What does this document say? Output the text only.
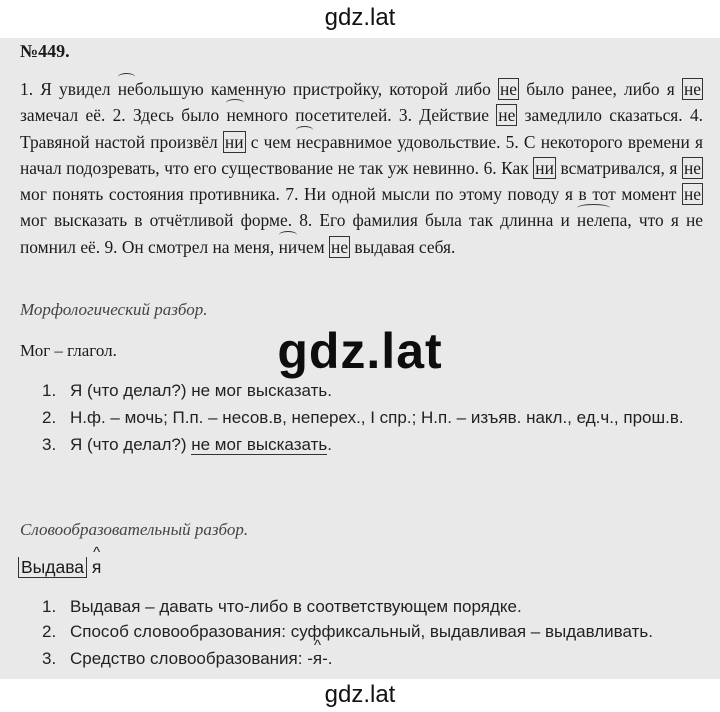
gdz.lat
№449.
1. Я увидел небольшую каменную пристройку, которой либо не было ранее, либо я не замечал её. 2. Здесь было немного посетителей. 3. Действие не замедлило сказаться. 4. Травяной настой произвёл ни с чем несравнимое удовольствие. 5. С некоторого времени я начал подозревать, что его существование не так уж невинно. 6. Как ни всматривался, я не мог понять состояния противника. 7. Ни одной мысли по этому поводу я в тот момент не мог высказать в отчётливой форме. 8. Его фамилия была так длинна и нелепа, что я не помнил её. 9. Он смотрел на меня, ничем не выдавая себя.
Морфологический разбор.
Мог – глагол.
1. Я (что делал?) не мог высказать.
2. Н.ф. – мочь; П.п. – несов.в, неперех., I спр.; Н.п. – изъяв. накл., ед.ч., прош.в.
3. Я (что делал?) не мог высказать.
Словообразовательный разбор.
Выдава ^ я
1. Выдавая – давать что-либо в соответствующем порядке.
2. Способ словообразования: суффиксальный, выдавливая – выдавливать.
3. Средство словообразования: -^ я-.
gdz.lat
gdz.lat
